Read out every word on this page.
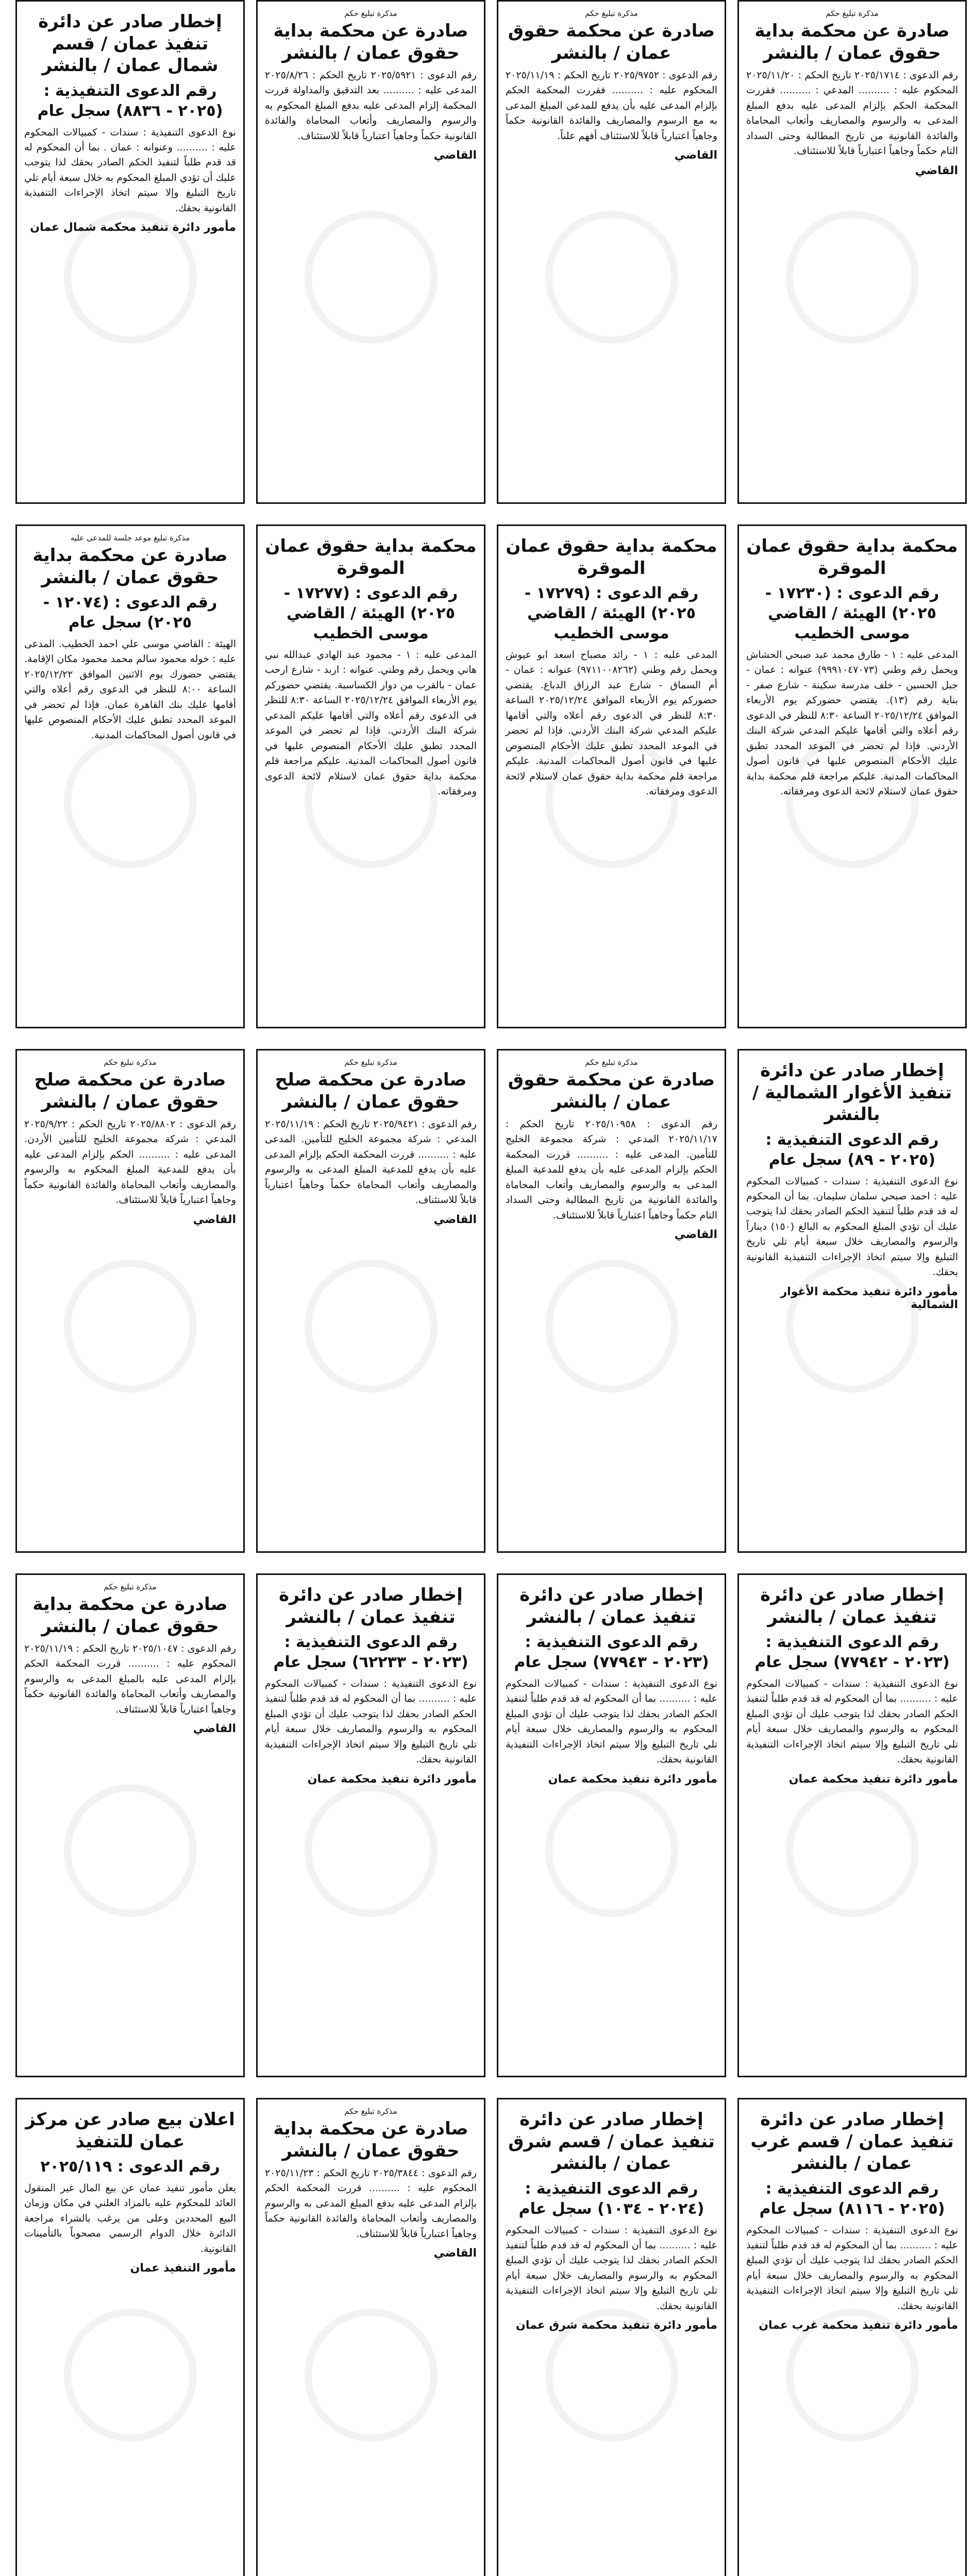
مذكرة تبليغ حكم
صادرة عن محكمة بداية حقوق عمان / بالنشر
رقم الدعوى : ٢٠٢٥/١٧١٤ تاريخ الحكم : ٢٠٢٥/١١/٢٠ المحكوم عليه : .......... المدعي : .......... فقررت المحكمة الحكم بإلزام المدعى عليه بدفع المبلغ المدعى به والرسوم والمصاريف وأتعاب المحاماة والفائدة القانونية من تاريخ المطالبة وحتى السداد التام حكماً وجاهياً اعتبارياً قابلاً للاستئناف.
القاضي
مذكرة تبليغ حكم
صادرة عن محكمة حقوق عمان / بالنشر
رقم الدعوى : ٢٠٢٥/٩٧٥٢ تاريخ الحكم : ٢٠٢٥/١١/١٩ المحكوم عليه : .......... فقررت المحكمة الحكم بإلزام المدعى عليه بأن يدفع للمدعي المبلغ المدعى به مع الرسوم والمصاريف والفائدة القانونية حكماً وجاهياً اعتبارياً قابلاً للاستئناف أفهم علناً.
القاضي
مذكرة تبليغ حكم
صادرة عن محكمة بداية حقوق عمان / بالنشر
رقم الدعوى : ٢٠٢٥/٥٩٢١ تاريخ الحكم : ٢٠٢٥/٨/٢٦ المدعى عليه : .......... بعد التدقيق والمداولة قررت المحكمة إلزام المدعى عليه بدفع المبلغ المحكوم به والرسوم والمصاريف وأتعاب المحاماة والفائدة القانونية حكماً وجاهياً اعتبارياً قابلاً للاستئناف.
القاضي
إخطار صادر عن دائرة تنفيذ عمان / قسم شمال عمان / بالنشر
رقم الدعوى التنفيذية : (٢٠٢٥ - ٨٨٣٦) سجل عام
نوع الدعوى التنفيذية : سندات - كمبيالات المحكوم عليه : .......... وعنوانه : عمان . بما أن المحكوم له قد قدم طلباً لتنفيذ الحكم الصادر بحقك لذا يتوجب عليك أن تؤدي المبلغ المحكوم به خلال سبعة أيام تلي تاريخ التبليغ وإلا سيتم اتخاذ الإجراءات التنفيذية القانونية بحقك.
مأمور دائرة تنفيذ محكمة شمال عمان
محكمة بداية حقوق عمان الموقرة
رقم الدعوى : (١٧٢٣٠ - ٢٠٢٥) الهيئة / القاضي موسى الخطيب
المدعى عليه : ١ - طارق محمد عبد صبحي الحشاش ويحمل رقم وطني (٩٩٩١٠٤٧٠٧٣) عنوانه : عمان - جبل الحسين - خلف مدرسة سكينة - شارع صفر - بناية رقم (١٣). يقتضي حضوركم يوم الأربعاء الموافق ٢٠٢٥/١٢/٢٤ الساعة ٨:٣٠ للنظر في الدعوى رقم أعلاه والتي أقامها عليكم المدعي شركة البنك الأردني. فإذا لم تحضر في الموعد المحدد تطبق عليك الأحكام المنصوص عليها في قانون أصول المحاكمات المدنية. عليكم مراجعة قلم محكمة بداية حقوق عمان لاستلام لائحة الدعوى ومرفقاته.
محكمة بداية حقوق عمان الموقرة
رقم الدعوى : (١٧٢٧٩ - ٢٠٢٥) الهيئة / القاضي موسى الخطيب
المدعى عليه : ١ - رائد مصباح اسعد ابو عيوش ويحمل رقم وطني (٩٧١١٠٠٨٢٦٢) عنوانه : عمان - أم السماق - شارع عبد الرزاق الدباغ. يقتضي حضوركم يوم الأربعاء الموافق ٢٠٢٥/١٢/٢٤ الساعة ٨:٣٠ للنظر في الدعوى رقم أعلاه والتي أقامها عليكم المدعي شركة البنك الأردني. فإذا لم تحضر في الموعد المحدد تطبق عليك الأحكام المنصوص عليها في قانون أصول المحاكمات المدنية. عليكم مراجعة قلم محكمة بداية حقوق عمان لاستلام لائحة الدعوى ومرفقاته.
محكمة بداية حقوق عمان الموقرة
رقم الدعوى : (١٧٢٧٧ - ٢٠٢٥) الهيئة / القاضي موسى الخطيب
المدعى عليه : ١ - محمود عبد الهادي عبدالله نبي هاني ويحمل رقم وطني. عنوانه : اربد - شارع ارحب عمان - بالقرب من دوار الكساسبة. يقتضي حضوركم يوم الأربعاء الموافق ٢٠٢٥/١٢/٢٤ الساعة ٨:٣٠ للنظر في الدعوى رقم أعلاه والتي أقامها عليكم المدعي شركة البنك الأردني. فإذا لم تحضر في الموعد المحدد تطبق عليك الأحكام المنصوص عليها في قانون أصول المحاكمات المدنية. عليكم مراجعة قلم محكمة بداية حقوق عمان لاستلام لائحة الدعوى ومرفقاته.
مذكرة تبليغ موعد جلسة للمدعى عليه
صادرة عن محكمة بداية حقوق عمان / بالنشر
رقم الدعوى : (١٢٠٧٤ - ٢٠٢٥) سجل عام
الهيئة : القاضي موسى علي احمد الخطيب. المدعى عليه : خوله محمود سالم محمد محمود مكان الإقامة. يقتضي حضورك يوم الاثنين الموافق ٢٠٢٥/١٢/٢٢ الساعة ٨:٠٠ للنظر في الدعوى رقم أعلاه والتي أقامها عليك بنك القاهرة عمان. فإذا لم تحضر في الموعد المحدد تطبق عليك الأحكام المنصوص عليها في قانون أصول المحاكمات المدنية.
إخطار صادر عن دائرة تنفيذ الأغوار الشمالية / بالنشر
رقم الدعوى التنفيذية : (٢٠٢٥ - ٨٩) سجل عام
نوع الدعوى التنفيذية : سندات - كمبيالات المحكوم عليه : احمد صبحي سلمان سليمان. بما أن المحكوم له قد قدم طلباً لتنفيذ الحكم الصادر بحقك لذا يتوجب عليك أن تؤدي المبلغ المحكوم به البالغ (١٥٠) ديناراً والرسوم والمصاريف خلال سبعة أيام تلي تاريخ التبليغ وإلا سيتم اتخاذ الإجراءات التنفيذية القانونية بحقك.
مأمور دائرة تنفيذ محكمة الأغوار الشمالية
مذكرة تبليغ حكم
صادرة عن محكمة حقوق عمان / بالنشر
رقم الدعوى : ٢٠٢٥/١٠٩٥٨ تاريخ الحكم : ٢٠٢٥/١١/١٧ المدعي : شركة مجموعة الخليج للتأمين. المدعى عليه : .......... قررت المحكمة الحكم بإلزام المدعى عليه بأن يدفع للمدعية المبلغ المدعى به والرسوم والمصاريف وأتعاب المحاماة والفائدة القانونية من تاريخ المطالبة وحتى السداد التام حكماً وجاهياً اعتبارياً قابلاً للاستئناف.
القاضي
مذكرة تبليغ حكم
صادرة عن محكمة صلح حقوق عمان / بالنشر
رقم الدعوى : ٢٠٢٥/٩٤٢١ تاريخ الحكم : ٢٠٢٥/١١/١٩ المدعي : شركة مجموعة الخليج للتأمين. المدعى عليه : .......... قررت المحكمة الحكم بإلزام المدعى عليه بأن يدفع للمدعية المبلغ المدعى به والرسوم والمصاريف وأتعاب المحاماة حكماً وجاهياً اعتبارياً قابلاً للاستئناف.
القاضي
مذكرة تبليغ حكم
صادرة عن محكمة صلح حقوق عمان / بالنشر
رقم الدعوى : ٢٠٢٥/٨٨٠٢ تاريخ الحكم : ٢٠٢٥/٩/٢٢ المدعي : شركة مجموعة الخليج للتأمين الأردن. المدعى عليه : .......... الحكم بإلزام المدعى عليه بأن يدفع للمدعية المبلغ المحكوم به والرسوم والمصاريف وأتعاب المحاماة والفائدة القانونية حكماً وجاهياً اعتبارياً قابلاً للاستئناف.
القاضي
إخطار صادر عن دائرة تنفيذ عمان / بالنشر
رقم الدعوى التنفيذية : (٢٠٢٣ - ٧٧٩٤٢) سجل عام
نوع الدعوى التنفيذية : سندات - كمبيالات المحكوم عليه : .......... بما أن المحكوم له قد قدم طلباً لتنفيذ الحكم الصادر بحقك لذا يتوجب عليك أن تؤدي المبلغ المحكوم به والرسوم والمصاريف خلال سبعة أيام تلي تاريخ التبليغ وإلا سيتم اتخاذ الإجراءات التنفيذية القانونية بحقك.
مأمور دائرة تنفيذ محكمة عمان
إخطار صادر عن دائرة تنفيذ عمان / بالنشر
رقم الدعوى التنفيذية : (٢٠٢٣ - ٧٧٩٤٣) سجل عام
نوع الدعوى التنفيذية : سندات - كمبيالات المحكوم عليه : .......... بما أن المحكوم له قد قدم طلباً لتنفيذ الحكم الصادر بحقك لذا يتوجب عليك أن تؤدي المبلغ المحكوم به والرسوم والمصاريف خلال سبعة أيام تلي تاريخ التبليغ وإلا سيتم اتخاذ الإجراءات التنفيذية القانونية بحقك.
مأمور دائرة تنفيذ محكمة عمان
إخطار صادر عن دائرة تنفيذ عمان / بالنشر
رقم الدعوى التنفيذية : (٢٠٢٣ - ٦٢٢٣٣) سجل عام
نوع الدعوى التنفيذية : سندات - كمبيالات المحكوم عليه : .......... بما أن المحكوم له قد قدم طلباً لتنفيذ الحكم الصادر بحقك لذا يتوجب عليك أن تؤدي المبلغ المحكوم به والرسوم والمصاريف خلال سبعة أيام تلي تاريخ التبليغ وإلا سيتم اتخاذ الإجراءات التنفيذية القانونية بحقك.
مأمور دائرة تنفيذ محكمة عمان
مذكرة تبليغ حكم
صادرة عن محكمة بداية حقوق عمان / بالنشر
رقم الدعوى : ٢٠٢٥/١٠٤٧ تاريخ الحكم : ٢٠٢٥/١١/١٩ المحكوم عليه : .......... قررت المحكمة الحكم بإلزام المدعى عليه بالمبلغ المدعى به والرسوم والمصاريف وأتعاب المحاماة والفائدة القانونية حكماً وجاهياً اعتبارياً قابلاً للاستئناف.
القاضي
إخطار صادر عن دائرة تنفيذ عمان / قسم غرب عمان / بالنشر
رقم الدعوى التنفيذية : (٢٠٢٥ - ٨١١٦) سجل عام
نوع الدعوى التنفيذية : سندات - كمبيالات المحكوم عليه : .......... بما أن المحكوم له قد قدم طلباً لتنفيذ الحكم الصادر بحقك لذا يتوجب عليك أن تؤدي المبلغ المحكوم به والرسوم والمصاريف خلال سبعة أيام تلي تاريخ التبليغ وإلا سيتم اتخاذ الإجراءات التنفيذية القانونية بحقك.
مأمور دائرة تنفيذ محكمة غرب عمان
إخطار صادر عن دائرة تنفيذ عمان / قسم شرق عمان / بالنشر
رقم الدعوى التنفيذية : (٢٠٢٤ - ١٠٣٤) سجل عام
نوع الدعوى التنفيذية : سندات - كمبيالات المحكوم عليه : .......... بما أن المحكوم له قد قدم طلباً لتنفيذ الحكم الصادر بحقك لذا يتوجب عليك أن تؤدي المبلغ المحكوم به والرسوم والمصاريف خلال سبعة أيام تلي تاريخ التبليغ وإلا سيتم اتخاذ الإجراءات التنفيذية القانونية بحقك.
مأمور دائرة تنفيذ محكمة شرق عمان
مذكرة تبليغ حكم
صادرة عن محكمة بداية حقوق عمان / بالنشر
رقم الدعوى : ٢٠٢٥/٣٨٤٤ تاريخ الحكم : ٢٠٢٥/١١/٢٣ المحكوم عليه : .......... قررت المحكمة الحكم بإلزام المدعى عليه بدفع المبلغ المدعى به والرسوم والمصاريف وأتعاب المحاماة والفائدة القانونية حكماً وجاهياً اعتبارياً قابلاً للاستئناف.
القاضي
اعلان بيع صادر عن مركز عمان للتنفيذ
رقم الدعوى : ٢٠٢٥/١١٩
يعلن مأمور تنفيذ عمان عن بيع المال غير المنقول العائد للمحكوم عليه بالمزاد العلني في مكان وزمان البيع المحددين وعلى من يرغب بالشراء مراجعة الدائرة خلال الدوام الرسمي مصحوباً بالتأمينات القانونية.
مأمور التنفيذ عمان
